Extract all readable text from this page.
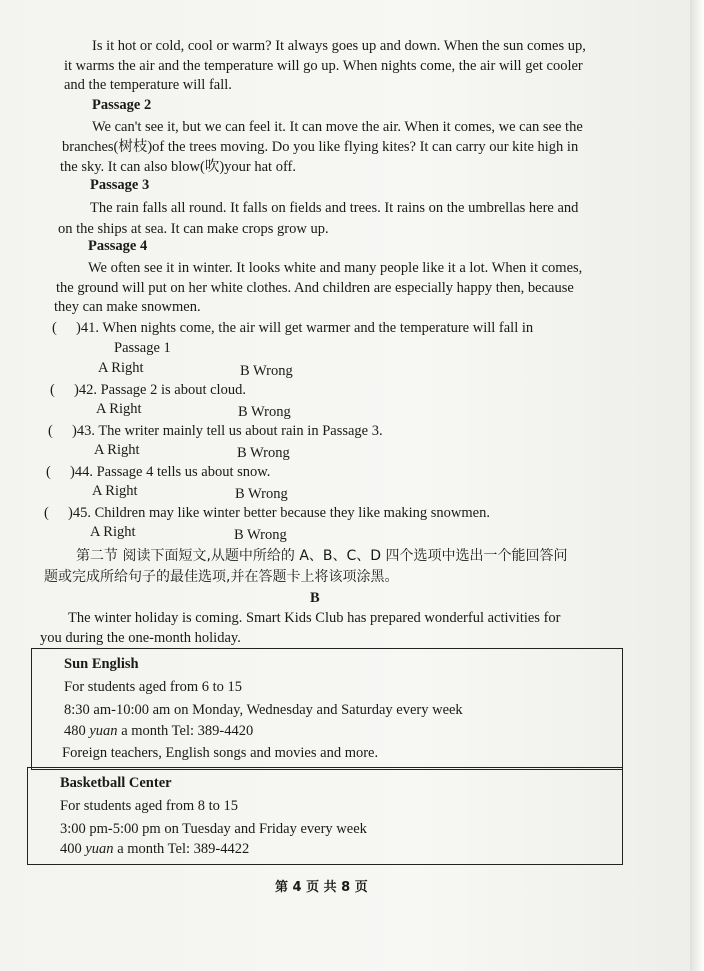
Is it hot or cold, cool or warm? It always goes up and down. When the sun comes up,
it warms the air and the temperature will go up. When nights come, the air will get cooler
and the temperature will fall.
Passage 2
We can't see it, but we can feel it. It can move the air. When it comes, we can see the
branches(树枝)of the trees moving. Do you like flying kites? It can carry our kite high in
the sky. It can also blow(吹)your hat off.
Passage 3
The rain falls all round. It falls on fields and trees. It rains on the umbrellas here and
on the ships at sea. It can make crops grow up.
Passage 4
We often see it in winter. It looks white and many people like it a lot. When it comes,
the ground will put on her white clothes. And children are especially happy then, because
they can make snowmen.
( )41. When nights come, the air will get warmer and the temperature will fall in
Passage 1
A Right	B Wrong
( )42. Passage 2 is about cloud.
A Right	B Wrong
( )43. The writer mainly tell us about rain in Passage 3.
A Right	B Wrong
( )44. Passage 4 tells us about snow.
A Right	B Wrong
( )45. Children may like winter better because they like making snowmen.
A Right	B Wrong
第二节 阅读下面短文,从题中所给的 A、B、C、D 四个选项中选出一个能回答问
题或完成所给句子的最佳选项,并在答题卡上将该项涂黑。
B
The winter holiday is coming. Smart Kids Club has prepared wonderful activities for
you during the one-month holiday.
Sun English
For students aged from 6 to 15
8:30 am-10:00 am on Monday, Wednesday and Saturday every week
480 yuan a month Tel: 389-4420
Foreign teachers, English songs and movies and more.
Basketball Center
For students aged from 8 to 15
3:00 pm-5:00 pm on Tuesday and Friday every week
400 yuan a month Tel: 389-4422
第 4 页 共 8 页
